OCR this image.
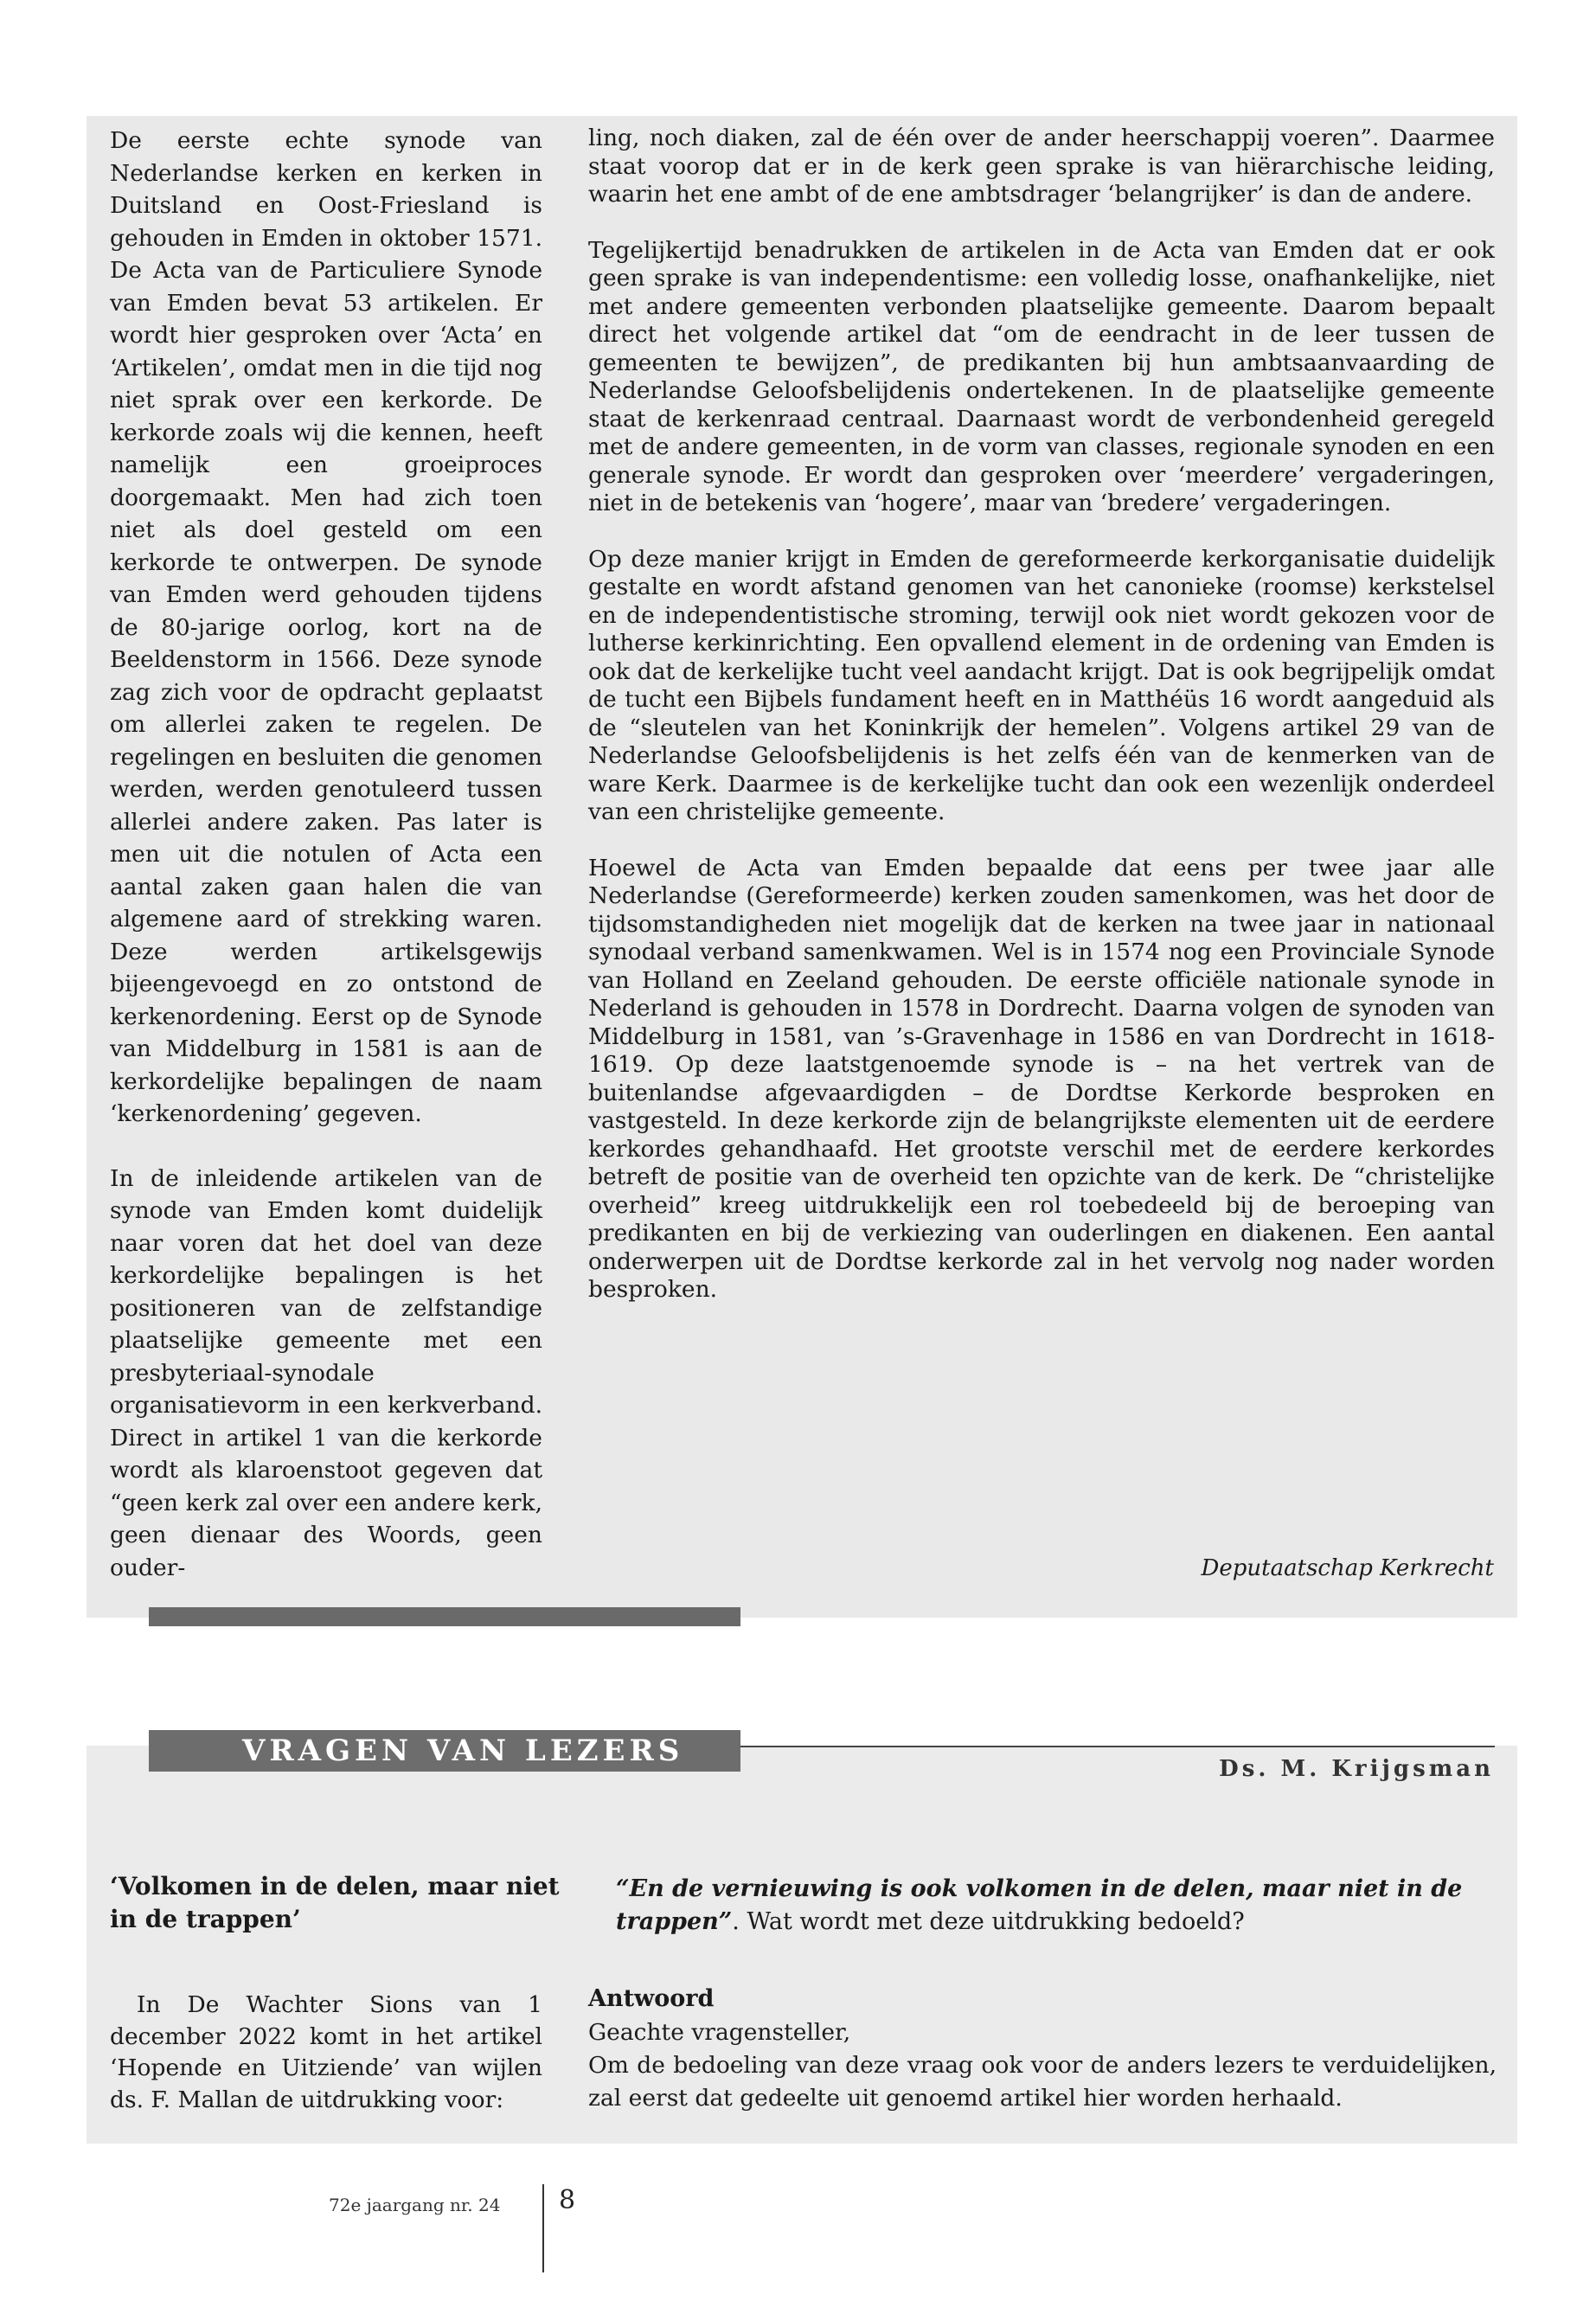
De eerste echte synode van Nederlandse kerken en kerken in Duitsland en Oost-Friesland is gehouden in Emden in oktober 1571. De Acta van de Particuliere Synode van Emden bevat 53 artikelen. Er wordt hier gesproken over ‘Acta’ en ‘Artikelen’, omdat men in die tijd nog niet sprak over een kerkorde. De kerkorde zoals wij die kennen, heeft namelijk een groeiproces doorgemaakt. Men had zich toen niet als doel gesteld om een kerkorde te ontwerpen. De synode van Emden werd gehouden tijdens de 80-jarige oorlog, kort na de Beeldenstorm in 1566. Deze synode zag zich voor de opdracht geplaatst om allerlei zaken te regelen. De regelingen en besluiten die genomen werden, werden genotuleerd tussen allerlei andere zaken. Pas later is men uit die notulen of Acta een aantal zaken gaan halen die van algemene aard of strekking waren. Deze werden artikelsgewijs bijeengevoegd en zo ontstond de kerkenordening. Eerst op de Synode van Middelburg in 1581 is aan de kerkordelijke bepalingen de naam ‘kerkenordening’ gegeven.

In de inleidende artikelen van de synode van Emden komt duidelijk naar voren dat het doel van deze kerkordelijke bepalingen is het positioneren van de zelfstandige plaatselijke gemeente met een presbyteriaal-synodale organisatievorm in een kerkverband. Direct in artikel 1 van die kerkorde wordt als klaroenstoot gegeven dat “geen kerk zal over een andere kerk, geen dienaar des Woords, geen ouder-

ling, noch diaken, zal de één over de ander heerschappij voeren”. Daarmee staat voorop dat er in de kerk geen sprake is van hiërarchische leiding, waarin het ene ambt of de ene ambtsdrager ‘belangrijker’ is dan de andere.

Tegelijkertijd benadrukken de artikelen in de Acta van Emden dat er ook geen sprake is van independentisme: een volledig losse, onafhankelijke, niet met andere gemeenten verbonden plaatselijke gemeente. Daarom bepaalt direct het volgende artikel dat “om de eendracht in de leer tussen de gemeenten te bewijzen”, de predikanten bij hun ambtsaanvaarding de Nederlandse Geloofsbelijdenis ondertekenen. In de plaatselijke gemeente staat de kerkenraad centraal. Daarnaast wordt de verbondenheid geregeld met de andere gemeenten, in de vorm van classes, regionale synoden en een generale synode. Er wordt dan gesproken over ‘meerdere’ vergaderingen, niet in de betekenis van ‘hogere’, maar van ‘bredere’ vergaderingen.

Op deze manier krijgt in Emden de gereformeerde kerkorganisatie duidelijk gestalte en wordt afstand genomen van het canonieke (roomse) kerkstelsel en de independentistische stroming, terwijl ook niet wordt gekozen voor de lutherse kerkinrichting. Een opvallend element in de ordening van Emden is ook dat de kerkelijke tucht veel aandacht krijgt. Dat is ook begrijpelijk omdat de tucht een Bijbels fundament heeft en in Matthéüs 16 wordt aangeduid als de “sleutelen van het Koninkrijk der hemelen”. Volgens artikel 29 van de Nederlandse Geloofsbelijdenis is het zelfs één van de kenmerken van de ware Kerk. Daarmee is de kerkelijke tucht dan ook een wezenlijk onderdeel van een christelijke gemeente.

Hoewel de Acta van Emden bepaalde dat eens per twee jaar alle Nederlandse (Gereformeerde) kerken zouden samenkomen, was het door de tijdsomstandigheden niet mogelijk dat de kerken na twee jaar in nationaal synodaal verband samenkwamen. Wel is in 1574 nog een Provinciale Synode van Holland en Zeeland gehouden. De eerste officiële nationale synode in Nederland is gehouden in 1578 in Dordrecht. Daarna volgen de synoden van Middelburg in 1581, van ’s-Gravenhage in 1586 en van Dordrecht in 1618-1619. Op deze laatstgenoemde synode is – na het vertrek van de buitenlandse afgevaardigden – de Dordtse Kerkorde besproken en vastgesteld. In deze kerkorde zijn de belangrijkste elementen uit de eerdere kerkordes gehandhaafd. Het grootste verschil met de eerdere kerkordes betreft de positie van de overheid ten opzichte van de kerk. De “christelijke overheid” kreeg uitdrukkelijk een rol toebedeeld bij de beroeping van predikanten en bij de verkiezing van ouderlingen en diakenen. Een aantal onderwerpen uit de Dordtse kerkorde zal in het vervolg nog nader worden besproken.

Deputaatschap Kerkrecht
VRAGEN VAN LEZERS
Ds. M. Krijgsman

‘Volkomen in de delen, maar niet in de trappen’

In De Wachter Sions van 1 december 2022 komt in het artikel ‘Hopende en Uitziende’ van wijlen ds. F. Mallan de uitdrukking voor:

“En de vernieuwing is ook volkomen in de delen, maar niet in de trappen”. Wat wordt met deze uitdrukking bedoeld?

Antwoord

Geachte vragensteller,
Om de bedoeling van deze vraag ook voor de anders lezers te verduidelijken, zal eerst dat gedeelte uit genoemd artikel hier worden herhaald.
72e jaargang nr. 24 8
